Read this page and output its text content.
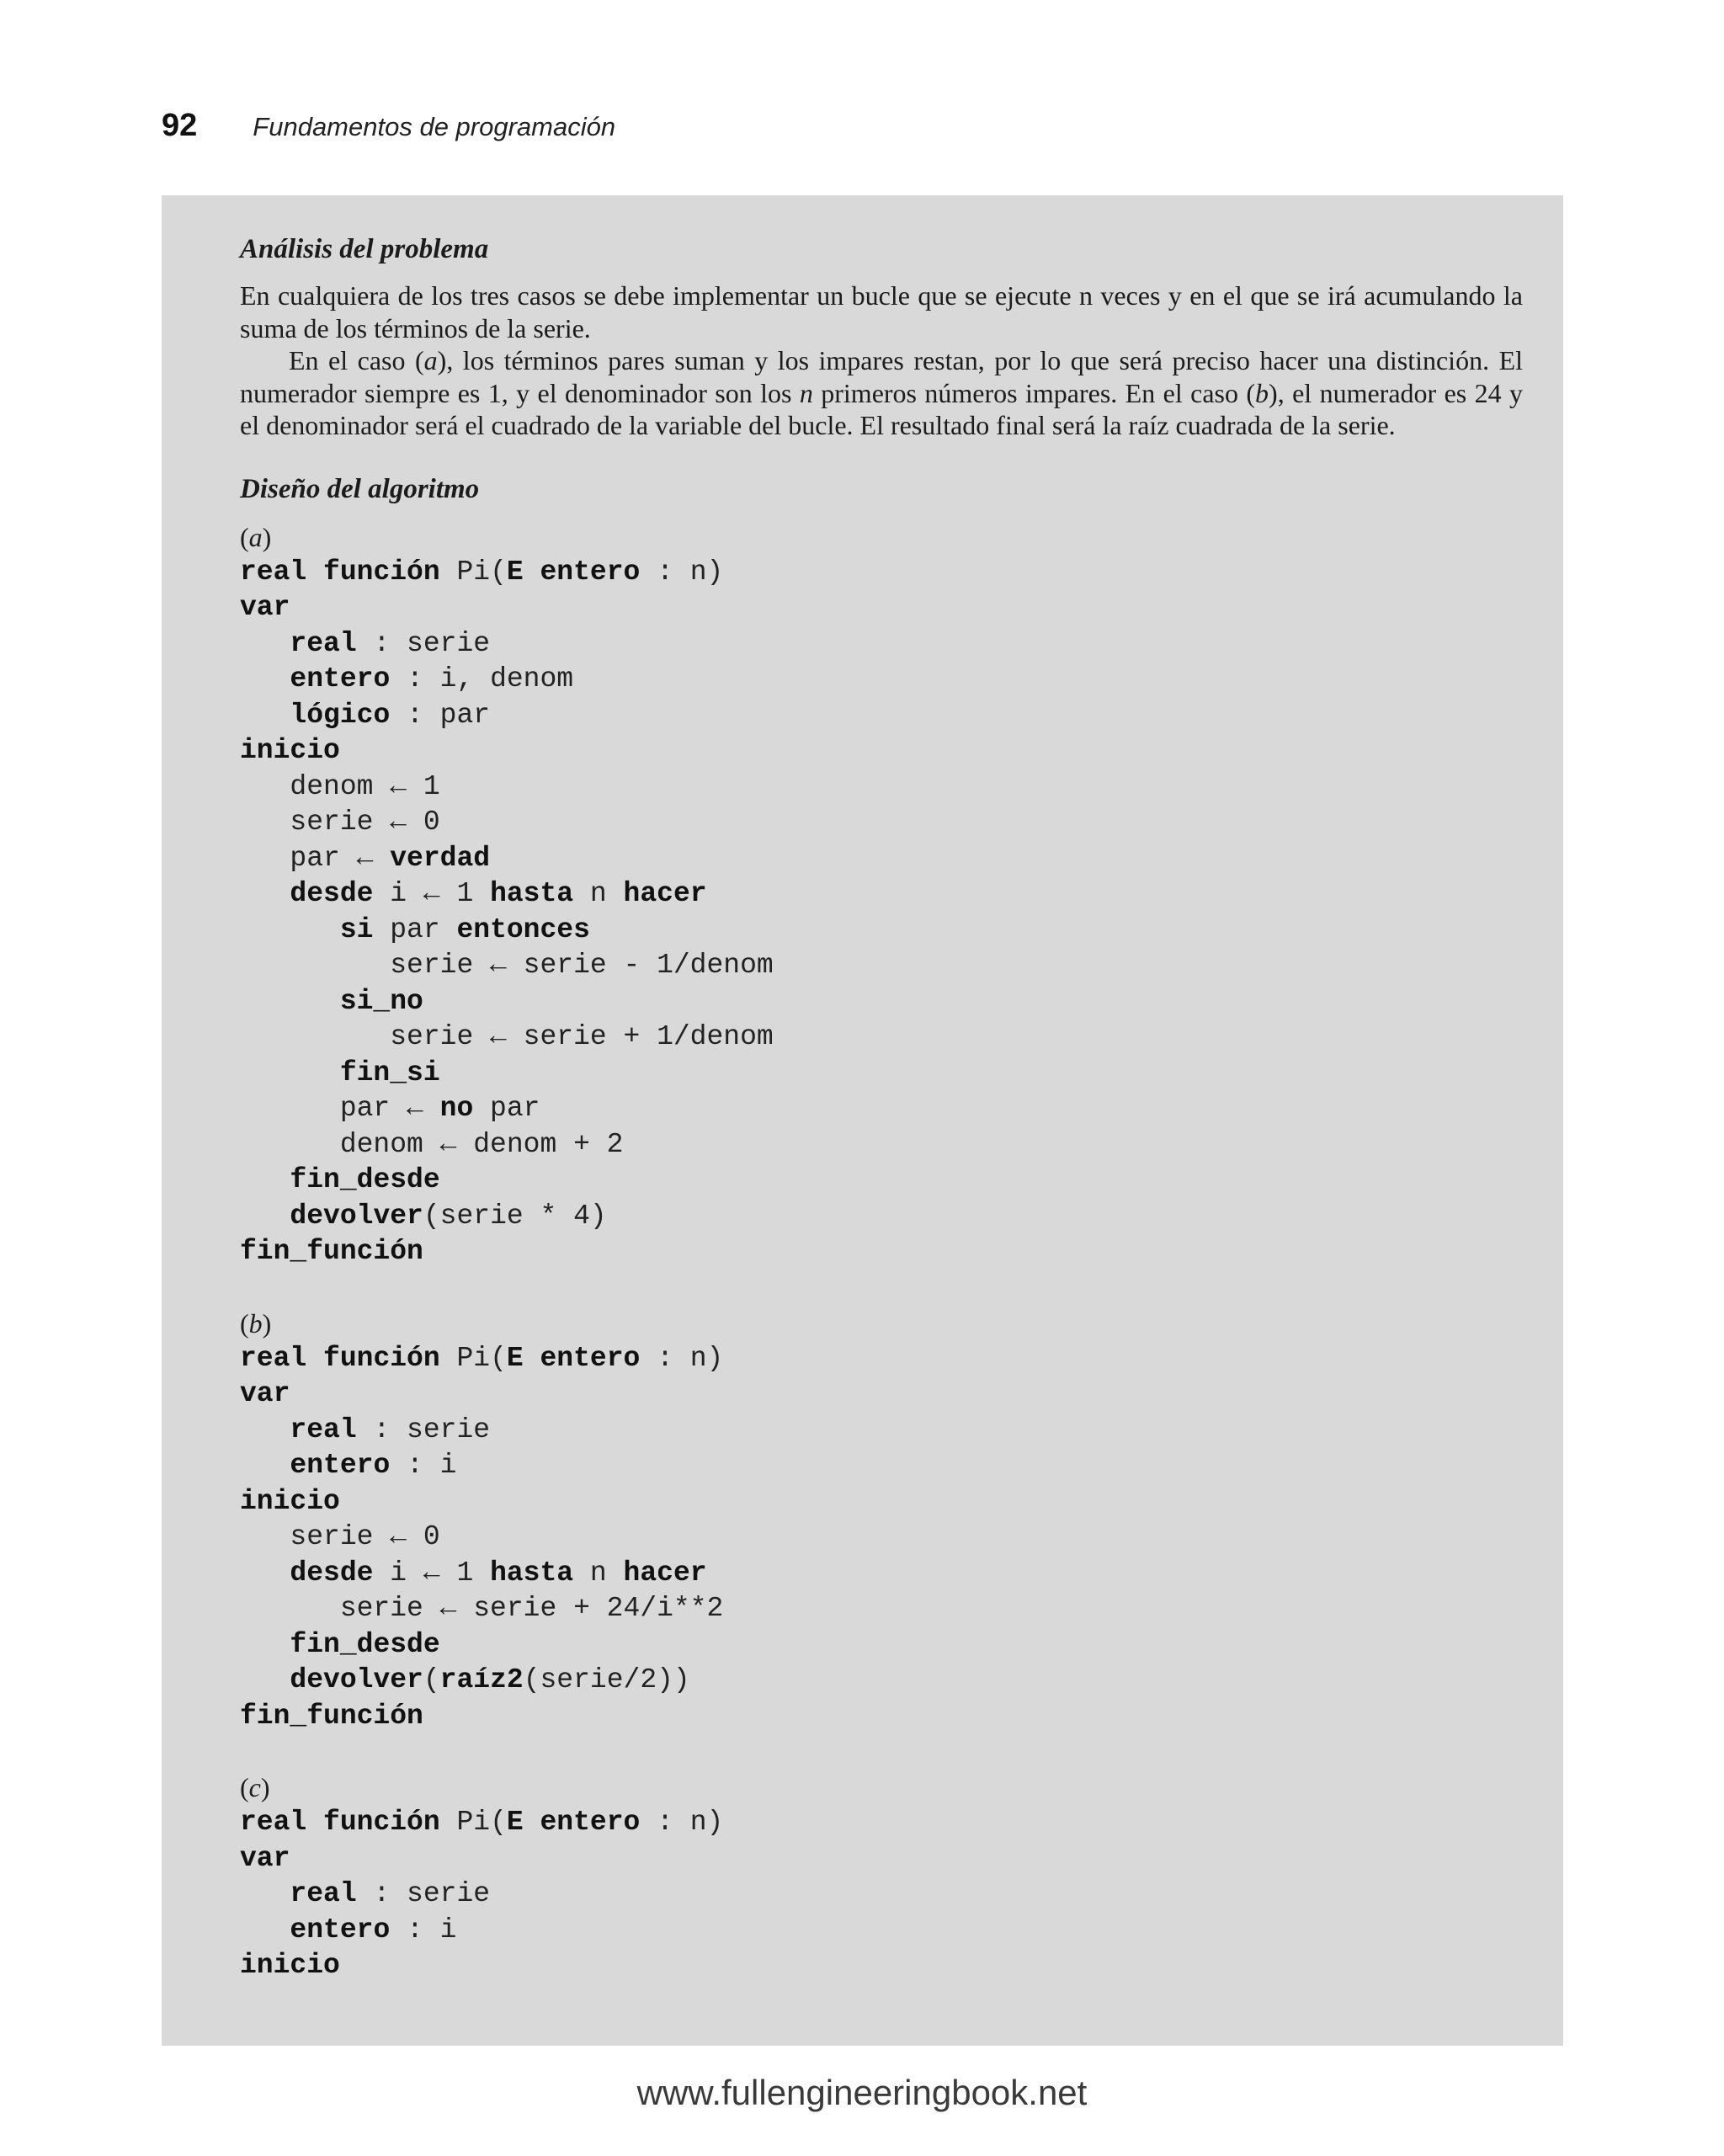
92 Fundamentos de programación
Análisis del problema

En cualquiera de los tres casos se debe implementar un bucle que se ejecute n veces y en el que se irá acumulando la suma de los términos de la serie.

En el caso (a), los términos pares suman y los impares restan, por lo que será preciso hacer una distinción. El numerador siempre es 1, y el denominador son los n primeros números impares. En el caso (b), el numerador es 24 y el denominador será el cuadrado de la variable del bucle. El resultado final será la raíz cuadrada de la serie.

Diseño del algoritmo
(a)
real función Pi(E entero : n)
var
real : serie
entero : i, denom
lógico : par
inicio
denom ← 1
serie ← 0
par ← verdad
desde i ← 1 hasta n hacer
si par entonces
serie ← serie - 1/denom
si_no
serie ← serie + 1/denom
fin_si
par ← no par
denom ← denom + 2
fin_desde
devolver(serie * 4)
fin_función
(b)
real función Pi(E entero : n)
var
real : serie
entero : i
inicio
serie ← 0
desde i ← 1 hasta n hacer
serie ← serie + 24/i**2
fin_desde
devolver(raíz2(serie/2))
fin_función
(c)
real función Pi(E entero : n)
var
real : serie
entero : i
inicio
www.fullengineeringbook.net
